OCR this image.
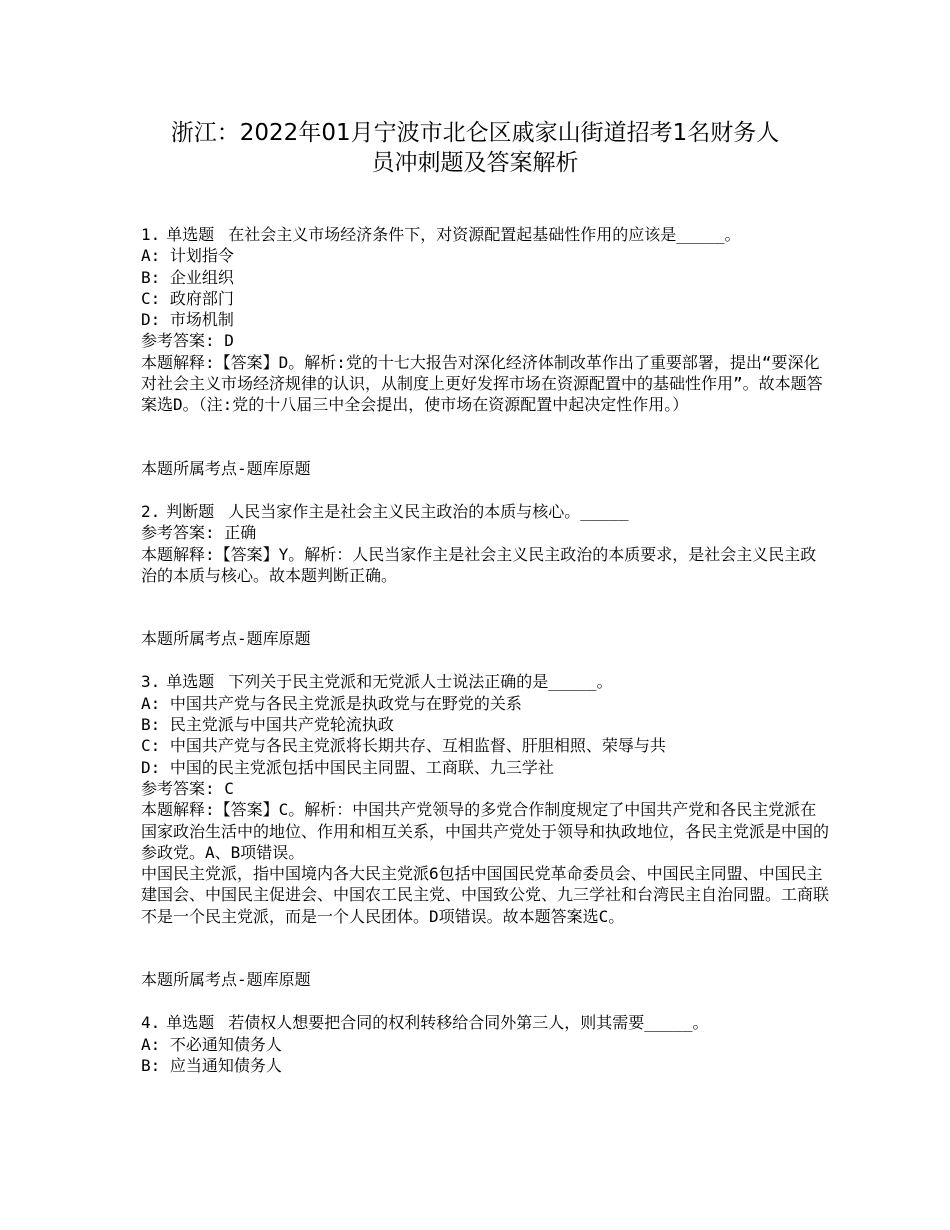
浙江：2022年01月宁波市北仑区戚家山街道招考1名财务人
员冲刺题及答案解析
1. 单选题 在社会主义市场经济条件下，对资源配置起基础性作用的应该是_____。
A: 计划指令
B: 企业组织
C: 政府部门
D: 市场机制
参考答案: D
本题解释:【答案】D。解析:党的十七大报告对深化经济体制改革作出了重要部署，提出“要深化对社会主义市场经济规律的认识，从制度上更好发挥市场在资源配置中的基础性作用”。故本题答案选D。（注:党的十八届三中全会提出，使市场在资源配置中起决定性作用。）
本题所属考点-题库原题
2. 判断题 人民当家作主是社会主义民主政治的本质与核心。_____
参考答案: 正确
本题解释:【答案】Y。解析：人民当家作主是社会主义民主政治的本质要求，是社会主义民主政治的本质与核心。故本题判断正确。
本题所属考点-题库原题
3. 单选题 下列关于民主党派和无党派人士说法正确的是_____。
A: 中国共产党与各民主党派是执政党与在野党的关系
B: 民主党派与中国共产党轮流执政
C: 中国共产党与各民主党派将长期共存、互相监督、肝胆相照、荣辱与共
D: 中国的民主党派包括中国民主同盟、工商联、九三学社
参考答案: C
本题解释:【答案】C。解析：中国共产党领导的多党合作制度规定了中国共产党和各民主党派在国家政治生活中的地位、作用和相互关系，中国共产党处于领导和执政地位，各民主党派是中国的参政党。A、B项错误。
中国民主党派，指中国境内各大民主党派6包括中国国民党革命委员会、中国民主同盟、中国民主建国会、中国民主促进会、中国农工民主党、中国致公党、九三学社和台湾民主自治同盟。工商联不是一个民主党派，而是一个人民团体。D项错误。故本题答案选C。
本题所属考点-题库原题
4. 单选题 若债权人想要把合同的权利转移给合同外第三人，则其需要_____。
A: 不必通知债务人
B: 应当通知债务人
